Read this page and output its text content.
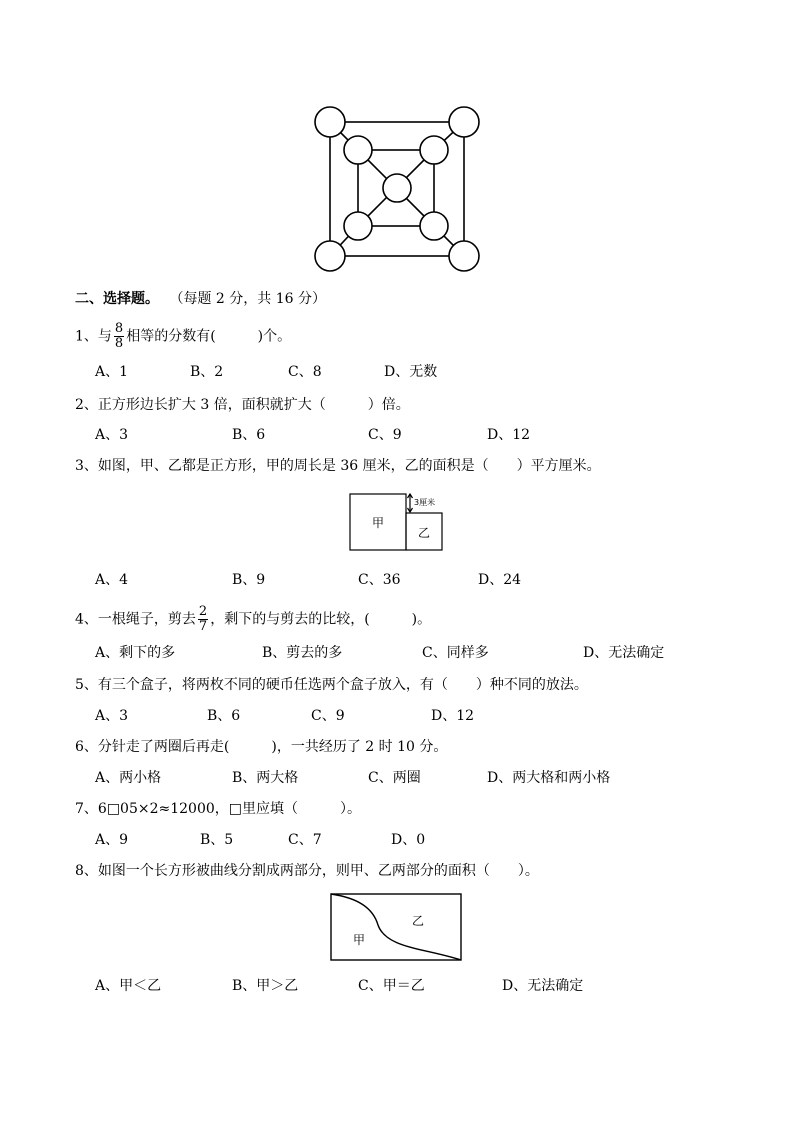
二、选择题。 （每题 2 分，共 16 分）
1、与 $\frac{8}{8}$ 相等的分数有(　　　)个。
A、1	B、2	C、8	D、无数
2、正方形边长扩大 3 倍，面积就扩大（　　　）倍。
A、3	B、6	C、9	D、12
3、如图，甲、乙都是正方形，甲的周长是 36 厘米，乙的面积是（　　）平方厘米。
甲
乙
3厘米
A、4	B、9	C、36	D、24
4、一根绳子，剪去 $\frac{2}{7}$ ，剩下的与剪去的比较，(　　　)。
A、剩下的多	B、剪去的多	C、同样多	D、无法确定
5、有三个盒子，将两枚不同的硬币任选两个盒子放入，有（　　）种不同的放法。
A、3	B、6	C、9	D、12
6、分针走了两圈后再走(　　　)，一共经历了 2 时 10 分。
A、两小格	B、两大格	C、两圈	D、两大格和两小格
7、6□05×2≈12000，□里应填（　　　）。
A、9	B、5	C、7	D、0
8、如图一个长方形被曲线分割成两部分，则甲、乙两部分的面积（　　）。
甲
乙
A、甲＜乙	B、甲＞乙	C、甲＝乙	D、无法确定
